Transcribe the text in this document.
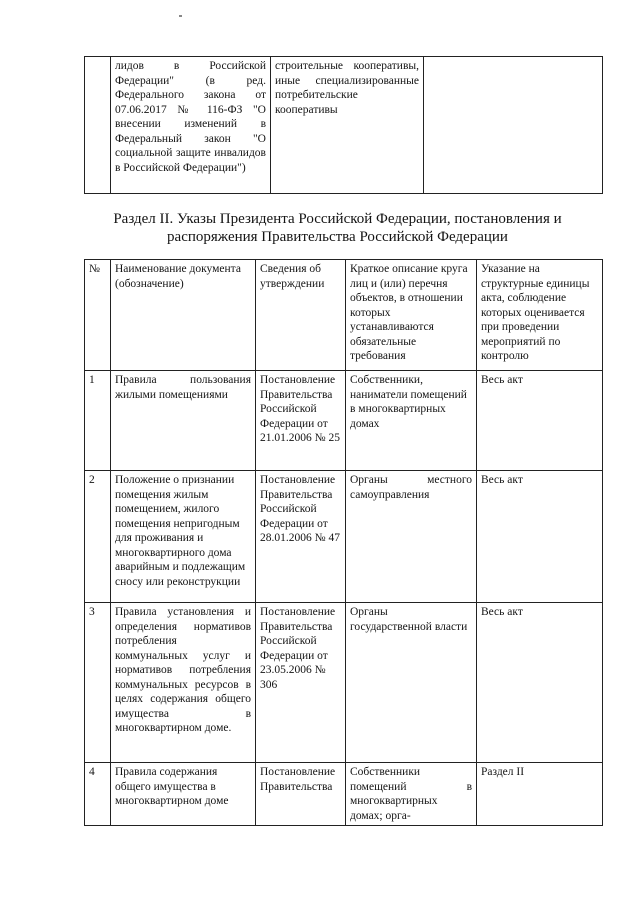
	лидов в Российской Федерации" (в ред. Федерального закона от 07.06.2017 № 116-ФЗ "О внесении изменений в Федеральный закон "О социальной защите инвалидов в Российской Федерации")	строительные кооперативы, иные специализированные потребительские кооперативы	
Раздел II. Указы Президента Российской Федерации, постановления и распоряжения Правительства Российской Федерации
№	Наименование документа (обозначение)	Сведения об утверждении	Краткое описание круга лиц и (или) перечня объектов, в отношении которых устанавливаются обязательные требования	Указание на структурные единицы акта, соблюдение которых оценивается при проведении мероприятий по контролю
1	Правила пользования жилыми помещениями	Постановление Правительства Российской Федерации от 21.01.2006 № 25	Собственники, наниматели помещений в многоквартирных домах	Весь акт
2	Положение о признании помещения жилым помещением, жилого помещения непригодным для проживания и многоквартирного дома аварийным и подлежащим сносу или реконструкции	Постановление Правительства Российской Федерации от 28.01.2006 № 47	Органы местного самоуправления	Весь акт
3	Правила установления и определения нормативов потребления коммунальных услуг и нормативов потребления коммунальных ресурсов в целях содержания общего имущества в многоквартирном доме.	Постановление Правительства Российской Федерации от 23.05.2006 № 306	Органы государственной власти	Весь акт
4	Правила содержания общего имущества в многоквартирном доме	Постановление Правительства	Собственники помещений в многоквартирных домах; орга-	Раздел II
